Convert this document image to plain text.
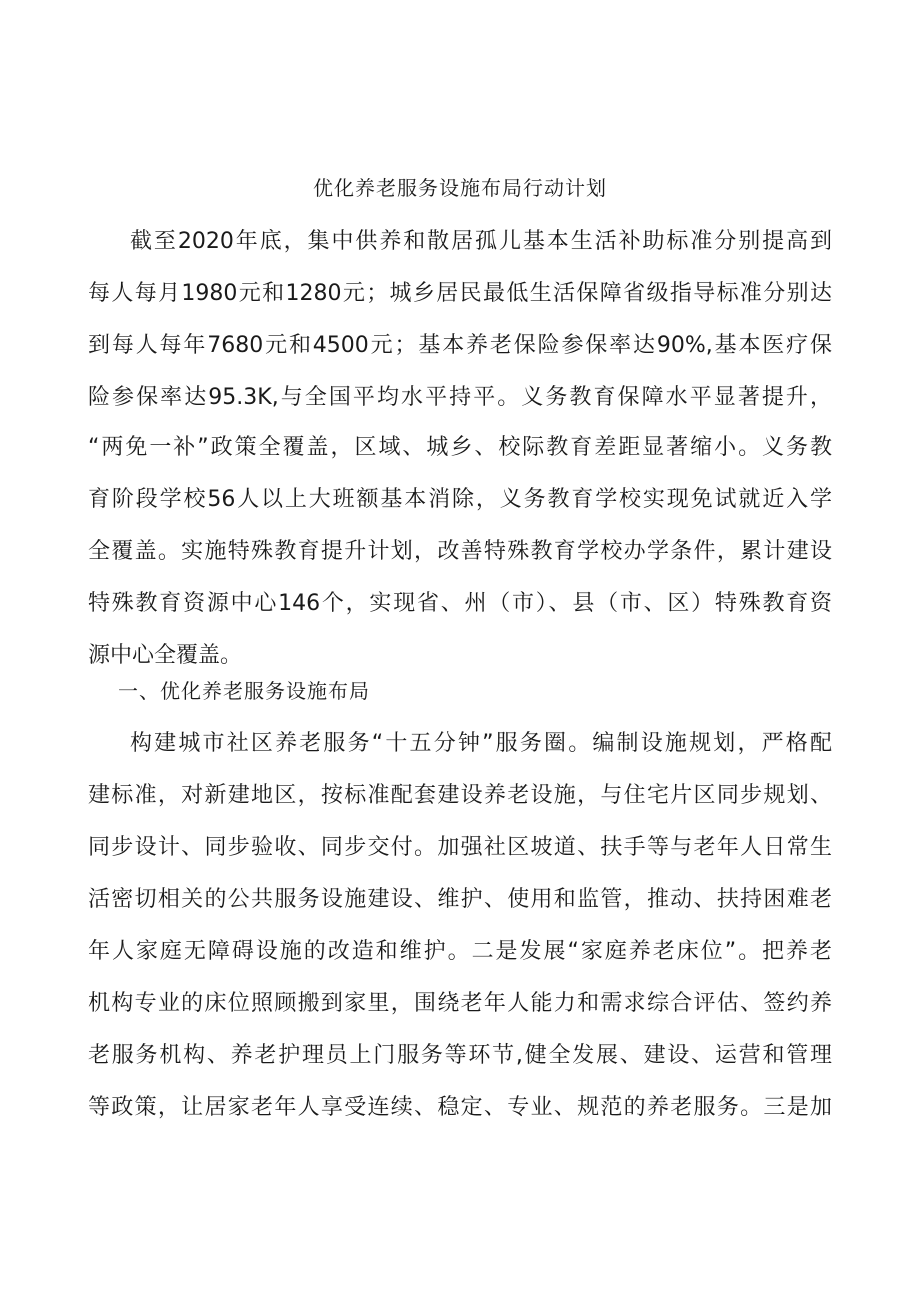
优化养老服务设施布局行动计划
截至2020年底，集中供养和散居孤儿基本生活补助标准分别提高到
每人每月1980元和1280元；城乡居民最低生活保障省级指导标准分别达
到每人每年7680元和4500元；基本养老保险参保率达90%,基本医疗保
险参保率达95.3K,与全国平均水平持平。义务教育保障水平显著提升，
“两免一补”政策全覆盖，区域、城乡、校际教育差距显著缩小。义务教
育阶段学校56人以上大班额基本消除，义务教育学校实现免试就近入学
全覆盖。实施特殊教育提升计划，改善特殊教育学校办学条件，累计建设
特殊教育资源中心146个，实现省、州（市）、县（市、区）特殊教育资
源中心全覆盖。
一、优化养老服务设施布局
构建城市社区养老服务“十五分钟”服务圈。编制设施规划，严格配
建标准，对新建地区，按标准配套建设养老设施，与住宅片区同步规划、
同步设计、同步验收、同步交付。加强社区坡道、扶手等与老年人日常生
活密切相关的公共服务设施建设、维护、使用和监管，推动、扶持困难老
年人家庭无障碍设施的改造和维护。二是发展“家庭养老床位”。把养老
机构专业的床位照顾搬到家里，围绕老年人能力和需求综合评估、签约养
老服务机构、养老护理员上门服务等环节,健全发展、建设、运营和管理
等政策，让居家老年人享受连续、稳定、专业、规范的养老服务。三是加
